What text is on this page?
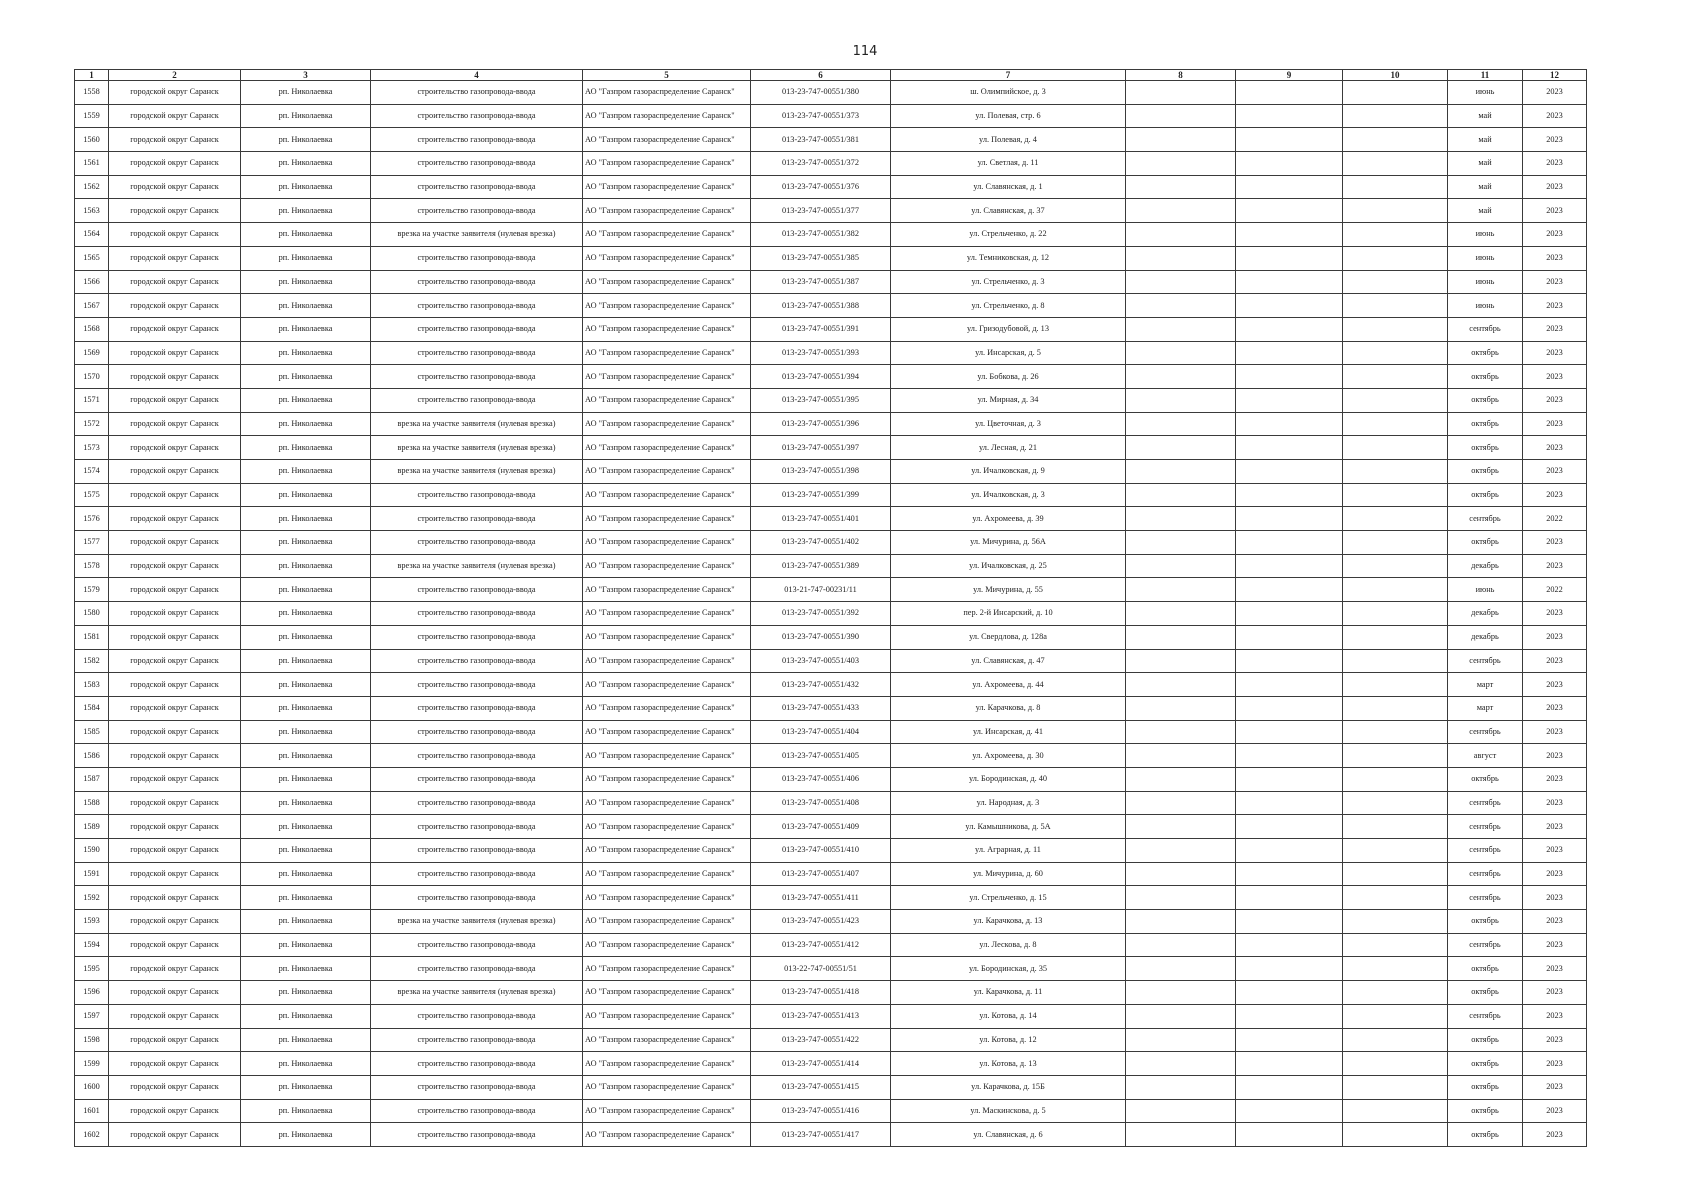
114
1	2	3	4	5	6	7	8	9	10	11	12
1558	городской округ Саранск	рп. Николаевка	строительство газопровода-ввода	АО "Газпром газораспределение Саранск"	013-23-747-00551/380	ш. Олимпийское, д. 3				июнь	2023
1559	городской округ Саранск	рп. Николаевка	строительство газопровода-ввода	АО "Газпром газораспределение Саранск"	013-23-747-00551/373	ул. Полевая, стр. 6				май	2023
1560	городской округ Саранск	рп. Николаевка	строительство газопровода-ввода	АО "Газпром газораспределение Саранск"	013-23-747-00551/381	ул. Полевая, д. 4				май	2023
1561	городской округ Саранск	рп. Николаевка	строительство газопровода-ввода	АО "Газпром газораспределение Саранск"	013-23-747-00551/372	ул. Светлая, д. 11				май	2023
1562	городской округ Саранск	рп. Николаевка	строительство газопровода-ввода	АО "Газпром газораспределение Саранск"	013-23-747-00551/376	ул. Славянская, д. 1				май	2023
1563	городской округ Саранск	рп. Николаевка	строительство газопровода-ввода	АО "Газпром газораспределение Саранск"	013-23-747-00551/377	ул. Славянская, д. 37				май	2023
1564	городской округ Саранск	рп. Николаевка	врезка на участке заявителя (нулевая врезка)	АО "Газпром газораспределение Саранск"	013-23-747-00551/382	ул. Стрельченко, д. 22				июнь	2023
1565	городской округ Саранск	рп. Николаевка	строительство газопровода-ввода	АО "Газпром газораспределение Саранск"	013-23-747-00551/385	ул. Темниковская, д. 12				июнь	2023
1566	городской округ Саранск	рп. Николаевка	строительство газопровода-ввода	АО "Газпром газораспределение Саранск"	013-23-747-00551/387	ул. Стрельченко, д. 3				июнь	2023
1567	городской округ Саранск	рп. Николаевка	строительство газопровода-ввода	АО "Газпром газораспределение Саранск"	013-23-747-00551/388	ул. Стрельченко, д. 8				июнь	2023
1568	городской округ Саранск	рп. Николаевка	строительство газопровода-ввода	АО "Газпром газораспределение Саранск"	013-23-747-00551/391	ул. Гризодубовой, д. 13				сентябрь	2023
1569	городской округ Саранск	рп. Николаевка	строительство газопровода-ввода	АО "Газпром газораспределение Саранск"	013-23-747-00551/393	ул. Инсарская, д. 5				октябрь	2023
1570	городской округ Саранск	рп. Николаевка	строительство газопровода-ввода	АО "Газпром газораспределение Саранск"	013-23-747-00551/394	ул. Бобкова, д. 26				октябрь	2023
1571	городской округ Саранск	рп. Николаевка	строительство газопровода-ввода	АО "Газпром газораспределение Саранск"	013-23-747-00551/395	ул. Мирная, д. 34				октябрь	2023
1572	городской округ Саранск	рп. Николаевка	врезка на участке заявителя (нулевая врезка)	АО "Газпром газораспределение Саранск"	013-23-747-00551/396	ул. Цветочная, д. 3				октябрь	2023
1573	городской округ Саранск	рп. Николаевка	врезка на участке заявителя (нулевая врезка)	АО "Газпром газораспределение Саранск"	013-23-747-00551/397	ул. Лесная, д. 21				октябрь	2023
1574	городской округ Саранск	рп. Николаевка	врезка на участке заявителя (нулевая врезка)	АО "Газпром газораспределение Саранск"	013-23-747-00551/398	ул. Ичалковская, д. 9				октябрь	2023
1575	городской округ Саранск	рп. Николаевка	строительство газопровода-ввода	АО "Газпром газораспределение Саранск"	013-23-747-00551/399	ул. Ичалковская, д. 3				октябрь	2023
1576	городской округ Саранск	рп. Николаевка	строительство газопровода-ввода	АО "Газпром газораспределение Саранск"	013-23-747-00551/401	ул. Ахромеева, д. 39				сентябрь	2022
1577	городской округ Саранск	рп. Николаевка	строительство газопровода-ввода	АО "Газпром газораспределение Саранск"	013-23-747-00551/402	ул. Мичурина, д. 56А				октябрь	2023
1578	городской округ Саранск	рп. Николаевка	врезка на участке заявителя (нулевая врезка)	АО "Газпром газораспределение Саранск"	013-23-747-00551/389	ул. Ичалковская, д. 25				декабрь	2023
1579	городской округ Саранск	рп. Николаевка	строительство газопровода-ввода	АО "Газпром газораспределение Саранск"	013-21-747-00231/11	ул. Мичурина, д. 55				июнь	2022
1580	городской округ Саранск	рп. Николаевка	строительство газопровода-ввода	АО "Газпром газораспределение Саранск"	013-23-747-00551/392	пер. 2-й Инсарский, д. 10				декабрь	2023
1581	городской округ Саранск	рп. Николаевка	строительство газопровода-ввода	АО "Газпром газораспределение Саранск"	013-23-747-00551/390	ул. Свердлова, д. 128а				декабрь	2023
1582	городской округ Саранск	рп. Николаевка	строительство газопровода-ввода	АО "Газпром газораспределение Саранск"	013-23-747-00551/403	ул. Славянская, д. 47				сентябрь	2023
1583	городской округ Саранск	рп. Николаевка	строительство газопровода-ввода	АО "Газпром газораспределение Саранск"	013-23-747-00551/432	ул. Ахромеева, д. 44				март	2023
1584	городской округ Саранск	рп. Николаевка	строительство газопровода-ввода	АО "Газпром газораспределение Саранск"	013-23-747-00551/433	ул. Карачкова, д. 8				март	2023
1585	городской округ Саранск	рп. Николаевка	строительство газопровода-ввода	АО "Газпром газораспределение Саранск"	013-23-747-00551/404	ул. Инсарская, д. 41				сентябрь	2023
1586	городской округ Саранск	рп. Николаевка	строительство газопровода-ввода	АО "Газпром газораспределение Саранск"	013-23-747-00551/405	ул. Ахромеева, д. 30				август	2023
1587	городской округ Саранск	рп. Николаевка	строительство газопровода-ввода	АО "Газпром газораспределение Саранск"	013-23-747-00551/406	ул. Бородинская, д. 40				октябрь	2023
1588	городской округ Саранск	рп. Николаевка	строительство газопровода-ввода	АО "Газпром газораспределение Саранск"	013-23-747-00551/408	ул. Народная, д. 3				сентябрь	2023
1589	городской округ Саранск	рп. Николаевка	строительство газопровода-ввода	АО "Газпром газораспределение Саранск"	013-23-747-00551/409	ул. Камышникова, д. 5А				сентябрь	2023
1590	городской округ Саранск	рп. Николаевка	строительство газопровода-ввода	АО "Газпром газораспределение Саранск"	013-23-747-00551/410	ул. Аграрная, д. 11				сентябрь	2023
1591	городской округ Саранск	рп. Николаевка	строительство газопровода-ввода	АО "Газпром газораспределение Саранск"	013-23-747-00551/407	ул. Мичурина, д. 60				сентябрь	2023
1592	городской округ Саранск	рп. Николаевка	строительство газопровода-ввода	АО "Газпром газораспределение Саранск"	013-23-747-00551/411	ул. Стрельченко, д. 15				сентябрь	2023
1593	городской округ Саранск	рп. Николаевка	врезка на участке заявителя (нулевая врезка)	АО "Газпром газораспределение Саранск"	013-23-747-00551/423	ул. Карачкова, д. 13				октябрь	2023
1594	городской округ Саранск	рп. Николаевка	строительство газопровода-ввода	АО "Газпром газораспределение Саранск"	013-23-747-00551/412	ул. Лескова, д. 8				сентябрь	2023
1595	городской округ Саранск	рп. Николаевка	строительство газопровода-ввода	АО "Газпром газораспределение Саранск"	013-22-747-00551/51	ул. Бородинская, д. 35				октябрь	2023
1596	городской округ Саранск	рп. Николаевка	врезка на участке заявителя (нулевая врезка)	АО "Газпром газораспределение Саранск"	013-23-747-00551/418	ул. Карачкова, д. 11				октябрь	2023
1597	городской округ Саранск	рп. Николаевка	строительство газопровода-ввода	АО "Газпром газораспределение Саранск"	013-23-747-00551/413	ул. Котова, д. 14				сентябрь	2023
1598	городской округ Саранск	рп. Николаевка	строительство газопровода-ввода	АО "Газпром газораспределение Саранск"	013-23-747-00551/422	ул. Котова, д. 12				октябрь	2023
1599	городской округ Саранск	рп. Николаевка	строительство газопровода-ввода	АО "Газпром газораспределение Саранск"	013-23-747-00551/414	ул. Котова, д. 13				октябрь	2023
1600	городской округ Саранск	рп. Николаевка	строительство газопровода-ввода	АО "Газпром газораспределение Саранск"	013-23-747-00551/415	ул. Карачкова, д. 15Б				октябрь	2023
1601	городской округ Саранск	рп. Николаевка	строительство газопровода-ввода	АО "Газпром газораспределение Саранск"	013-23-747-00551/416	ул. Маскинскова, д. 5				октябрь	2023
1602	городской округ Саранск	рп. Николаевка	строительство газопровода-ввода	АО "Газпром газораспределение Саранск"	013-23-747-00551/417	ул. Славянская, д. 6				октябрь	2023
